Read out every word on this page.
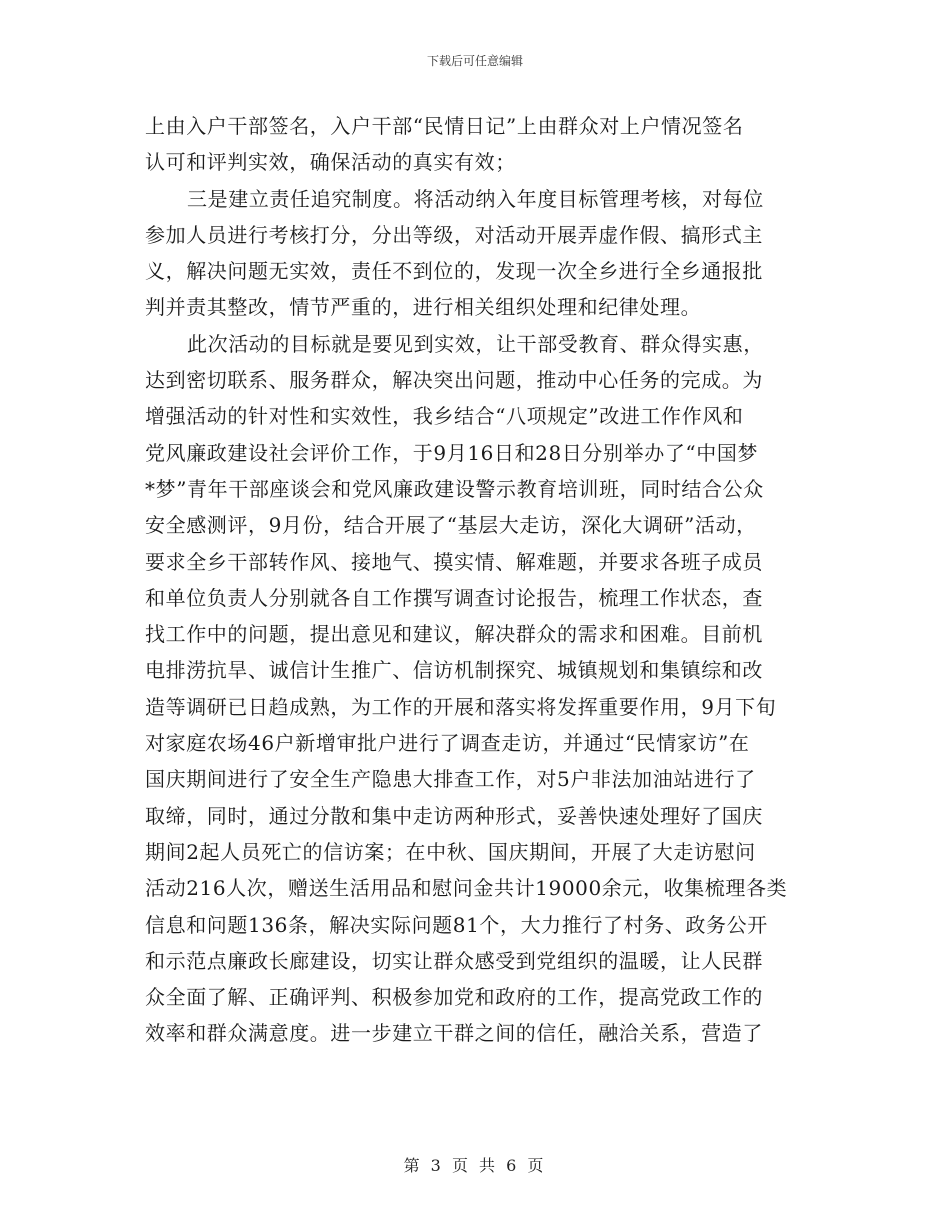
下载后可任意编辑
上由入户干部签名，入户干部“民情日记”上由群众对上户情况签名
认可和评判实效，确保活动的真实有效；
三是建立责任追究制度。将活动纳入年度目标管理考核，对每位
参加人员进行考核打分，分出等级，对活动开展弄虚作假、搞形式主
义，解决问题无实效，责任不到位的，发现一次全乡进行全乡通报批
判并责其整改，情节严重的，进行相关组织处理和纪律处理。
此次活动的目标就是要见到实效，让干部受教育、群众得实惠，
达到密切联系、服务群众，解决突出问题，推动中心任务的完成。为
增强活动的针对性和实效性，我乡结合“八项规定”改进工作作风和
党风廉政建设社会评价工作，于9月16日和28日分别举办了“中国梦
*梦”青年干部座谈会和党风廉政建设警示教育培训班，同时结合公众
安全感测评，9月份，结合开展了“基层大走访，深化大调研”活动，
要求全乡干部转作风、接地气、摸实情、解难题，并要求各班子成员
和单位负责人分别就各自工作撰写调查讨论报告，梳理工作状态，查
找工作中的问题，提出意见和建议，解决群众的需求和困难。目前机
电排涝抗旱、诚信计生推广、信访机制探究、城镇规划和集镇综和改
造等调研已日趋成熟，为工作的开展和落实将发挥重要作用，9月下旬
对家庭农场46户新增审批户进行了调查走访，并通过“民情家访”在
国庆期间进行了安全生产隐患大排查工作，对5户非法加油站进行了
取缔，同时，通过分散和集中走访两种形式，妥善快速处理好了国庆
期间2起人员死亡的信访案；在中秋、国庆期间，开展了大走访慰问
活动216人次，赠送生活用品和慰问金共计19000余元，收集梳理各类
信息和问题136条，解决实际问题81个，大力推行了村务、政务公开
和示范点廉政长廊建设，切实让群众感受到党组织的温暖，让人民群
众全面了解、正确评判、积极参加党和政府的工作，提高党政工作的
效率和群众满意度。进一步建立干群之间的信任，融洽关系，营造了
第 3 页 共 6 页
